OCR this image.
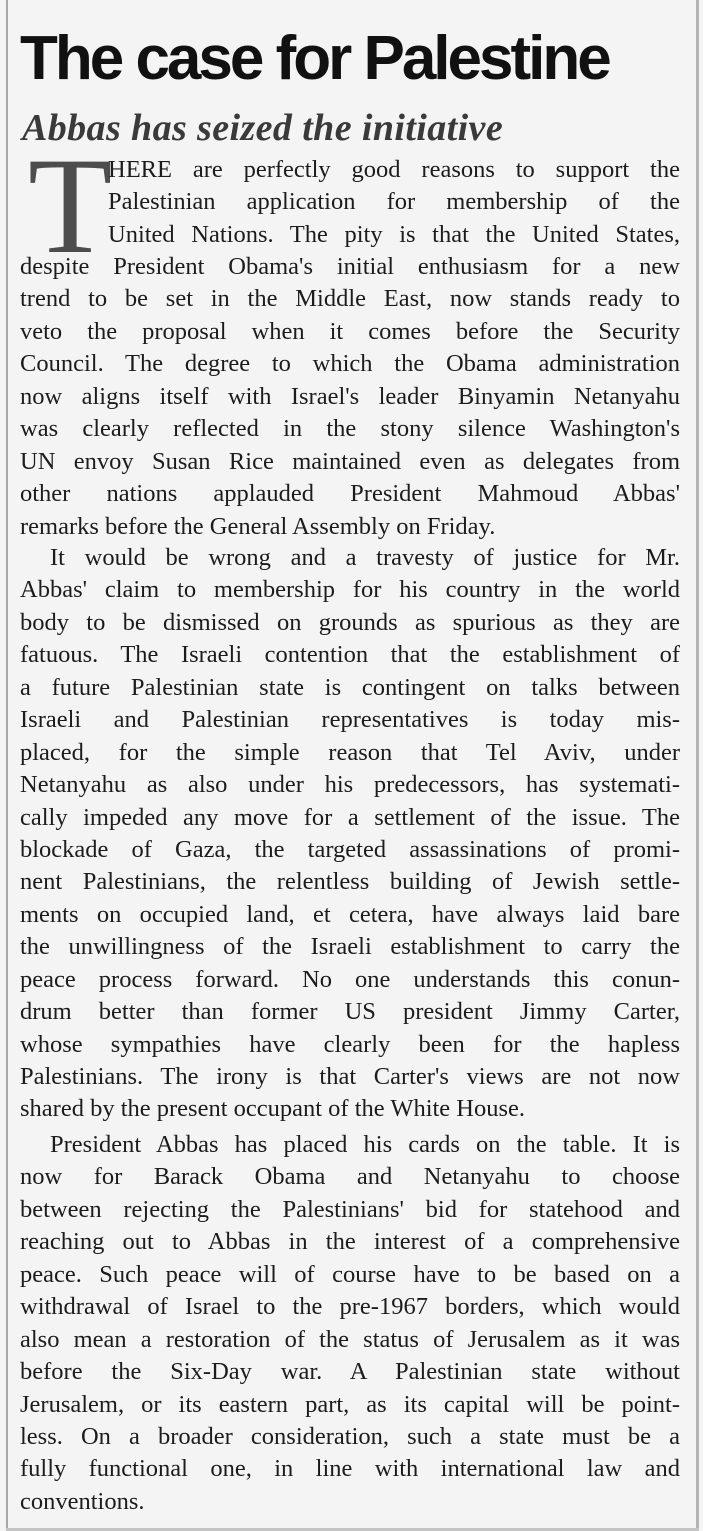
The case for Palestine
Abbas has seized the initiative
T
HERE are perfectly good reasons to support the
Palestinian application for membership of the
United Nations. The pity is that the United States,
despite President Obama's initial enthusiasm for a new
trend to be set in the Middle East, now stands ready to
veto the proposal when it comes before the Security
Council. The degree to which the Obama administration
now aligns itself with Israel's leader Binyamin Netanyahu
was clearly reflected in the stony silence Washington's
UN envoy Susan Rice maintained even as delegates from
other nations applauded President Mahmoud Abbas'
remarks before the General Assembly on Friday.
It would be wrong and a travesty of justice for Mr.
Abbas' claim to membership for his country in the world
body to be dismissed on grounds as spurious as they are
fatuous. The Israeli contention that the establishment of
a future Palestinian state is contingent on talks between
Israeli and Palestinian representatives is today mis-
placed, for the simple reason that Tel Aviv, under
Netanyahu as also under his predecessors, has systemati-
cally impeded any move for a settlement of the issue. The
blockade of Gaza, the targeted assassinations of promi-
nent Palestinians, the relentless building of Jewish settle-
ments on occupied land, et cetera, have always laid bare
the unwillingness of the Israeli establishment to carry the
peace process forward. No one understands this conun-
drum better than former US president Jimmy Carter,
whose sympathies have clearly been for the hapless
Palestinians. The irony is that Carter's views are not now
shared by the present occupant of the White House.
President Abbas has placed his cards on the table. It is
now for Barack Obama and Netanyahu to choose
between rejecting the Palestinians' bid for statehood and
reaching out to Abbas in the interest of a comprehensive
peace. Such peace will of course have to be based on a
withdrawal of Israel to the pre-1967 borders, which would
also mean a restoration of the status of Jerusalem as it was
before the Six-Day war. A Palestinian state without
Jerusalem, or its eastern part, as its capital will be point-
less. On a broader consideration, such a state must be a
fully functional one, in line with international law and
conventions.
